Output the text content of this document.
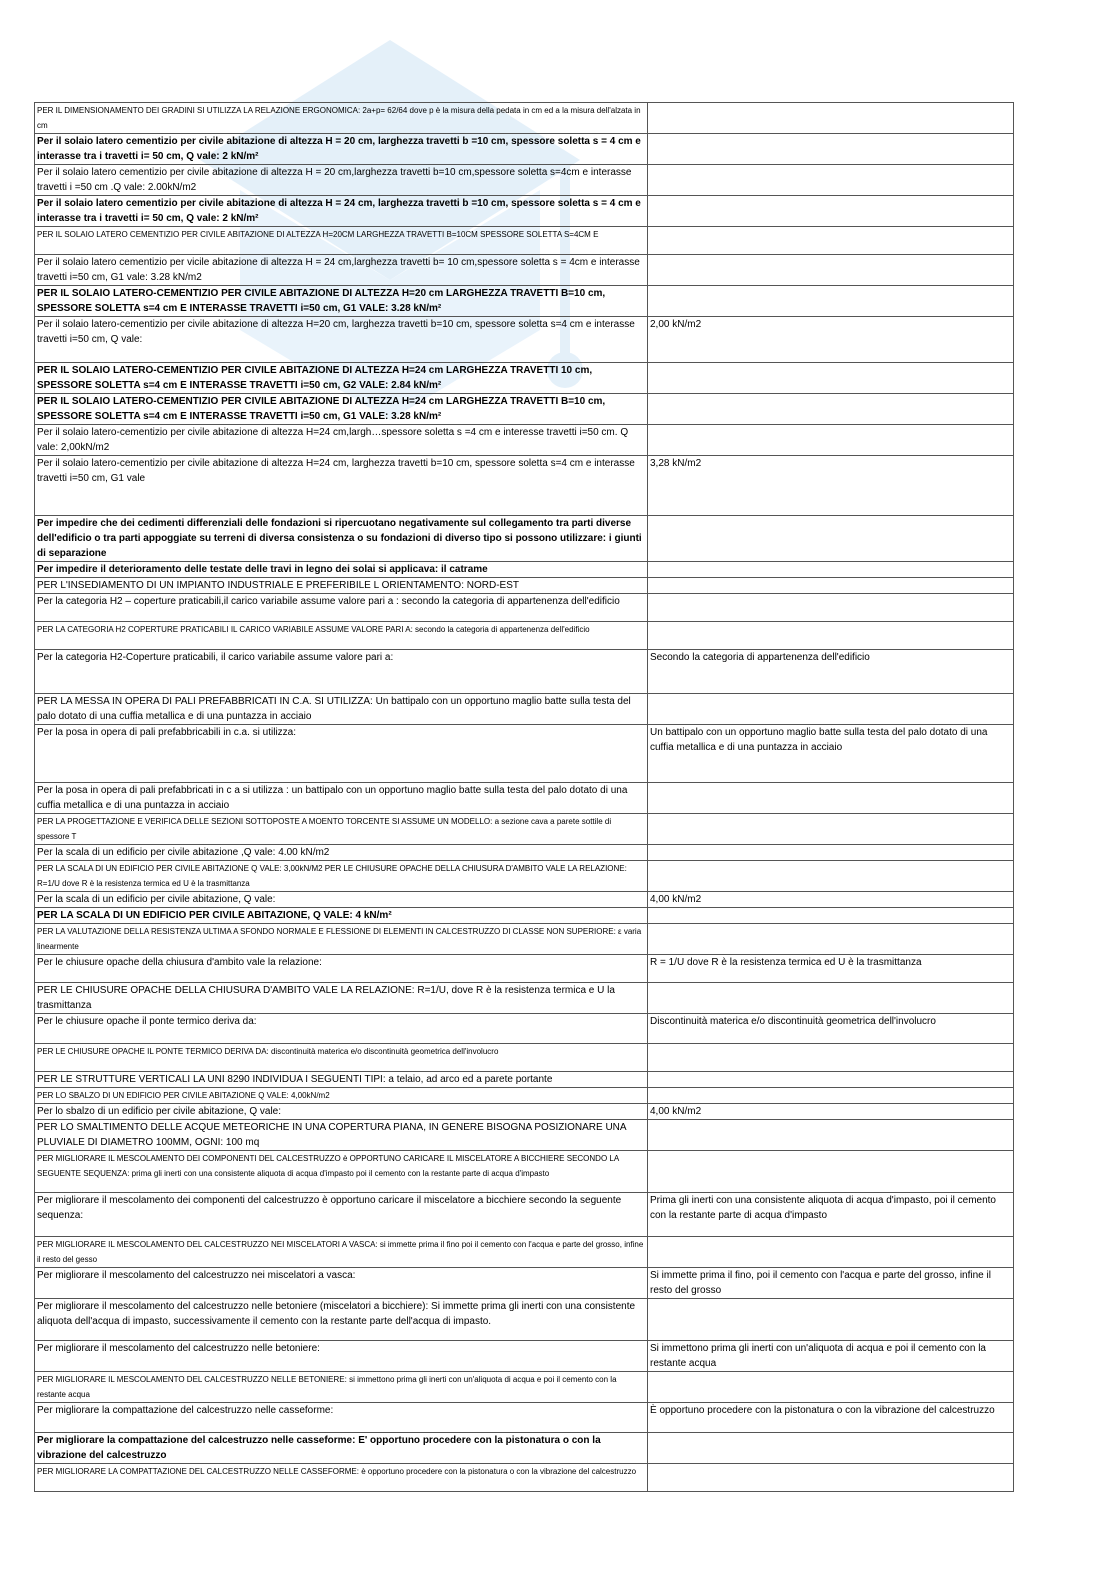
PER IL DIMENSIONAMENTO DEI GRADINI SI UTILIZZA LA RELAZIONE ERGONOMICA: 2a+p= 62/64 dove p è la misura della pedata in cm ed a la misura dell'alzata in cm	
Per il solaio latero cementizio per civile abitazione di altezza H = 20 cm, larghezza travetti b =10 cm, spessore soletta s = 4 cm e interasse tra i travetti i= 50 cm, Q vale: 2 kN/m²	
Per il solaio latero cementizio per civile abitazione di altezza H = 20 cm,larghezza travetti b=10 cm,spessore soletta s=4cm e interasse travetti i =50 cm .Q vale: 2.00kN/m2	
Per il solaio latero cementizio per civile abitazione di altezza H = 24 cm, larghezza travetti b =10 cm, spessore soletta s = 4 cm e interasse tra i travetti i= 50 cm, Q vale: 2 kN/m²	
PER IL SOLAIO LATERO CEMENTIZIO PER CIVILE ABITAZIONE DI ALTEZZA H=20CM LARGHEZZA TRAVETTI B=10CM SPESSORE SOLETTA S=4CM E	
Per il solaio latero cementizio per vicile abitazione di altezza H = 24 cm,larghezza travetti b= 10 cm,spessore soletta s = 4cm e interasse travetti i=50 cm, G1 vale: 3.28 kN/m2	
PER IL SOLAIO LATERO-CEMENTIZIO PER CIVILE ABITAZIONE DI ALTEZZA H=20 cm LARGHEZZA TRAVETTI B=10 cm, SPESSORE SOLETTA s=4 cm E INTERASSE TRAVETTI i=50 cm, G1 VALE: 3.28 kN/m²	
Per il solaio latero-cementizio per civile abitazione di altezza H=20 cm, larghezza travetti b=10 cm, spessore soletta s=4 cm e interasse travetti i=50 cm, Q vale:	2,00 kN/m2
PER IL SOLAIO LATERO-CEMENTIZIO PER CIVILE ABITAZIONE DI ALTEZZA H=24 cm LARGHEZZA TRAVETTI 10 cm, SPESSORE SOLETTA s=4 cm E INTERASSE TRAVETTI i=50 cm, G2 VALE: 2.84 kN/m²	
PER IL SOLAIO LATERO-CEMENTIZIO PER CIVILE ABITAZIONE DI ALTEZZA H=24 cm LARGHEZZA TRAVETTI B=10 cm, SPESSORE SOLETTA s=4 cm E INTERASSE TRAVETTI i=50 cm, G1 VALE: 3.28 kN/m²	
Per il solaio latero-cementizio per civile abitazione di altezza H=24 cm,largh…spessore soletta s =4 cm e interesse travetti i=50 cm. Q vale: 2,00kN/m2	
Per il solaio latero-cementizio per civile abitazione di altezza H=24 cm, larghezza travetti b=10 cm, spessore soletta s=4 cm e interasse travetti i=50 cm, G1 vale	3,28 kN/m2
Per impedire che dei cedimenti differenziali delle fondazioni si ripercuotano negativamente sul collegamento tra parti diverse dell'edificio o tra parti appoggiate su terreni di diversa consistenza o su fondazioni di diverso tipo si possono utilizzare: i giunti di separazione	
Per impedire il deterioramento delle testate delle travi in legno dei solai si applicava: il catrame	
PER L'INSEDIAMENTO DI UN IMPIANTO INDUSTRIALE E PREFERIBILE L ORIENTAMENTO: NORD-EST	
Per la categoria H2 – coperture praticabili,il carico variabile assume valore pari a : secondo la categoria di appartenenza dell'edificio	
PER LA CATEGORIA H2 COPERTURE PRATICABILI IL CARICO VARIABILE ASSUME VALORE PARI A: secondo la categoria di appartenenza dell'edificio	
Per la categoria H2-Coperture praticabili, il carico variabile assume valore pari a:	Secondo la categoria di appartenenza dell'edificio
PER LA MESSA IN OPERA DI PALI PREFABBRICATI IN C.A. SI UTILIZZA: Un battipalo con un opportuno maglio batte sulla testa del palo dotato di una cuffia metallica e di una puntazza in acciaio	
Per la posa in opera di pali prefabbricabili in c.a. si utilizza:	Un battipalo con un opportuno maglio batte sulla testa del palo dotato di una cuffia metallica e di una puntazza in acciaio
Per la posa in opera di pali prefabbricati in c a si utilizza : un battipalo con un opportuno maglio batte sulla testa del palo dotato di una cuffia metallica e di una puntazza in acciaio	
PER LA PROGETTAZIONE E VERIFICA DELLE SEZIONI SOTTOPOSTE A MOENTO TORCENTE SI ASSUME UN MODELLO: a sezione cava a parete sottile di spessore T	
Per la scala di un edificio per civile abitazione ,Q vale: 4.00 kN/m2	
PER LA SCALA DI UN EDIFICIO PER CIVILE ABITAZIONE Q VALE: 3,00kN/M2 PER LE CHIUSURE OPACHE DELLA CHIUSURA D'AMBITO VALE LA RELAZIONE: R=1/U dove R è la resistenza termica ed U è la trasmittanza	
Per la scala di un edificio per civile abitazione, Q vale:	4,00 kN/m2
PER LA SCALA DI UN EDIFICIO PER CIVILE ABITAZIONE, Q VALE: 4 kN/m²	
PER LA VALUTAZIONE DELLA RESISTENZA ULTIMA A SFONDO NORMALE E FLESSIONE DI ELEMENTI IN CALCESTRUZZO DI CLASSE NON SUPERIORE: ε varia linearmente	
Per le chiusure opache della chiusura d'ambito vale la relazione:	R = 1/U dove R è la resistenza termica ed U è la trasmittanza
PER LE CHIUSURE OPACHE DELLA CHIUSURA D'AMBITO VALE LA RELAZIONE: R=1/U, dove R è la resistenza termica e U la trasmittanza	
Per le chiusure opache il ponte termico deriva da:	Discontinuità materica e/o discontinuità geometrica dell'involucro
PER LE CHIUSURE OPACHE IL PONTE TERMICO DERIVA DA: discontinuità materica e/o discontinuità geometrica dell'involucro	
PER LE STRUTTURE VERTICALI LA UNI 8290 INDIVIDUA I SEGUENTI TIPI: a telaio, ad arco ed a parete portante	
PER LO SBALZO DI UN EDIFICIO PER CIVILE ABITAZIONE Q VALE: 4,00kN/m2	
Per lo sbalzo di un edificio per civile abitazione, Q vale:	4,00 kN/m2
PER LO SMALTIMENTO DELLE ACQUE METEORICHE IN UNA COPERTURA PIANA, IN GENERE BISOGNA POSIZIONARE UNA PLUVIALE DI DIAMETRO 100MM, OGNI: 100 mq	
PER MIGLIORARE IL MESCOLAMENTO DEI COMPONENTI DEL CALCESTRUZZO è OPPORTUNO CARICARE IL MISCELATORE A BICCHIERE SECONDO LA SEGUENTE SEQUENZA: prima gli inerti con una consistente aliquota di acqua d'impasto poi il cemento con la restante parte di acqua d'impasto	
Per migliorare il mescolamento dei componenti del calcestruzzo è opportuno caricare il miscelatore a bicchiere secondo la seguente sequenza:	Prima gli inerti con una consistente aliquota di acqua d'impasto, poi il cemento con la restante parte di acqua d'impasto
PER MIGLIORARE IL MESCOLAMENTO DEL CALCESTRUZZO NEI MISCELATORI A VASCA: si immette prima il fino poi il cemento con l'acqua e parte del grosso, infine il resto del gesso	
Per migliorare il mescolamento del calcestruzzo nei miscelatori a vasca:	Si immette prima il fino, poi il cemento con l'acqua e parte del grosso, infine il resto del grosso
Per migliorare il mescolamento del calcestruzzo nelle betoniere (miscelatori a bicchiere): Si immette prima gli inerti con una consistente aliquota dell'acqua di impasto, successivamente il cemento con la restante parte dell'acqua di impasto.	
Per migliorare il mescolamento del calcestruzzo nelle betoniere:	Si immettono prima gli inerti con un'aliquota di acqua e poi il cemento con la restante acqua
PER MIGLIORARE IL MESCOLAMENTO DEL CALCESTRUZZO NELLE BETONIERE: si immettono prima gli inerti con un'aliquota di acqua e poi il cemento con la restante acqua	
Per migliorare la compattazione del calcestruzzo nelle casseforme:	È opportuno procedere con la pistonatura o con la vibrazione del calcestruzzo
Per migliorare la compattazione del calcestruzzo nelle casseforme: E' opportuno procedere con la pistonatura o con la vibrazione del calcestruzzo	
PER MIGLIORARE LA COMPATTAZIONE DEL CALCESTRUZZO NELLE CASSEFORME: è opportuno procedere con la pistonatura o con la vibrazione del calcestruzzo	
